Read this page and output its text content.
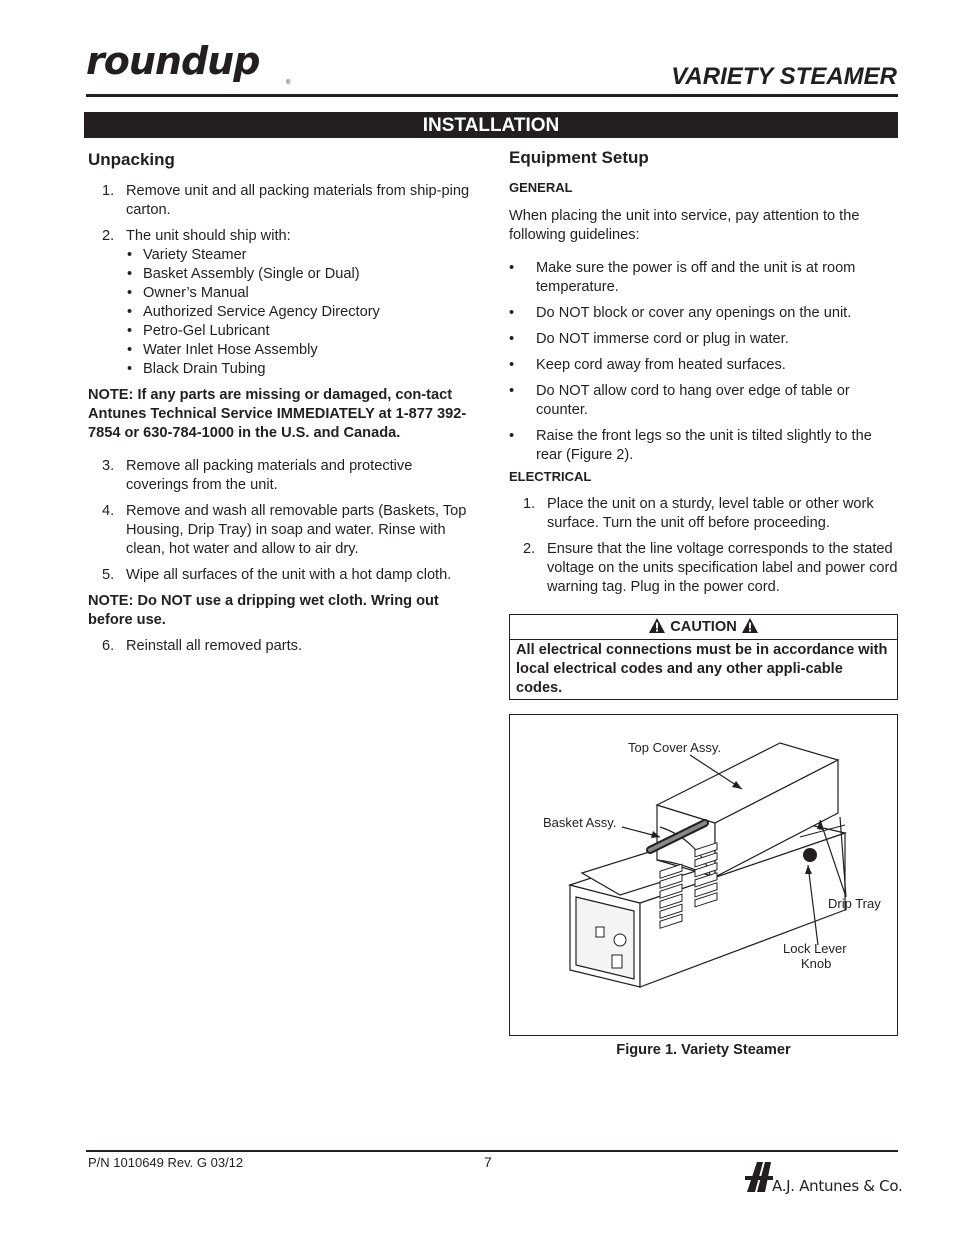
roundup	®	VARIETY STEAMER
INSTALLATION
Unpacking
1. Remove unit and all packing materials from ship-ping carton.
2. The unit should ship with:
• Variety Steamer
• Basket Assembly (Single or Dual)
• Owner’s Manual
• Authorized Service Agency Directory
• Petro-Gel Lubricant
• Water Inlet Hose Assembly
• Black Drain Tubing
NOTE: If any parts are missing or damaged, con-tact Antunes Technical Service IMMEDIATELY at 1-877 392-7854 or 630-784-1000 in the U.S. and Canada.
3. Remove all packing materials and protective coverings from the unit.
4. Remove and wash all removable parts (Baskets, Top Housing, Drip Tray) in soap and water. Rinse with clean, hot water and allow to air dry.
5. Wipe all surfaces of the unit with a hot damp cloth.
NOTE: Do NOT use a dripping wet cloth. Wring out before use.
6. Reinstall all removed parts.
Equipment Setup
GENERAL

When placing the unit into service, pay attention to the following guidelines:

• Make sure the power is off and the unit is at room temperature.
• Do NOT block or cover any openings on the unit.
• Do NOT immerse cord or plug in water.
• Keep cord away from heated surfaces.
• Do NOT allow cord to hang over edge of table or counter.
• Raise the front legs so the unit is tilted slightly to the rear (Figure 2).
ELECTRICAL
1. Place the unit on a sturdy, level table or other work surface. Turn the unit off before proceeding.
2. Ensure that the line voltage corresponds to the stated voltage on the units specification label and power cord warning tag. Plug in the power cord.
CAUTION
All electrical connections must be in accordance with local electrical codes and any other appli-cable codes.
Top Cover Assy.
Basket Assy.
Drip Tray
Lock Lever
Knob
Figure 1. Variety Steamer
P/N 1010649 Rev. G 03/12	7
A.J. Antunes & Co.
